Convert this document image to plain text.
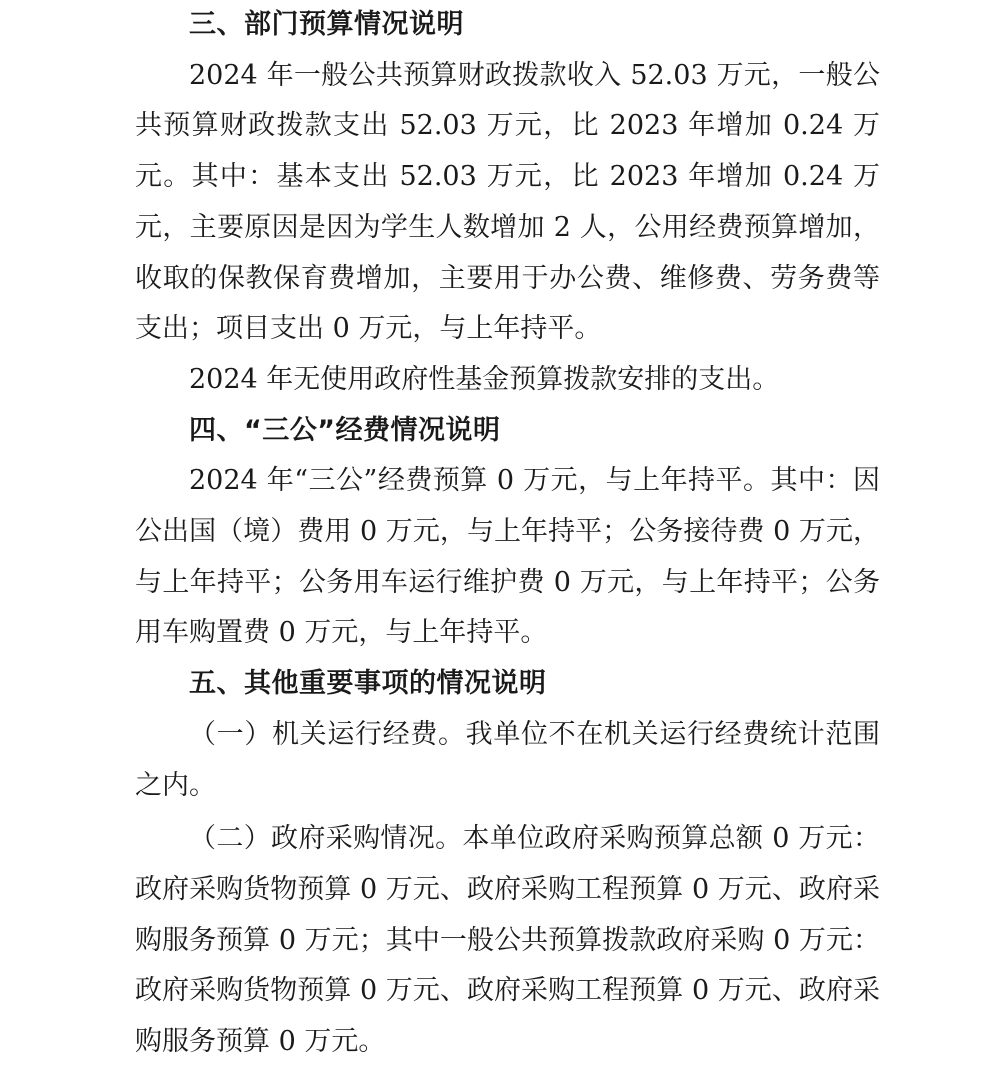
三、部门预算情况说明

2024 年一般公共预算财政拨款收入 52.03 万元，一般公共预算财政拨款支出 52.03 万元，比 2023 年增加 0.24 万元。其中：基本支出 52.03 万元，比 2023 年增加 0.24 万元，主要原因是因为学生人数增加 2 人，公用经费预算增加，收取的保教保育费增加，主要用于办公费、维修费、劳务费等支出；项目支出 0 万元，与上年持平。

2024 年无使用政府性基金预算拨款安排的支出。

四、“三公”经费情况说明

2024 年“三公”经费预算 0 万元，与上年持平。其中：因公出国（境）费用 0 万元，与上年持平；公务接待费 0 万元，与上年持平；公务用车运行维护费 0 万元，与上年持平；公务用车购置费 0 万元，与上年持平。

五、其他重要事项的情况说明

（一）机关运行经费。我单位不在机关运行经费统计范围之内。

（二）政府采购情况。本单位政府采购预算总额 0 万元：政府采购货物预算 0 万元、政府采购工程预算 0 万元、政府采购服务预算 0 万元；其中一般公共预算拨款政府采购 0 万元：政府采购货物预算 0 万元、政府采购工程预算 0 万元、政府采购服务预算 0 万元。
